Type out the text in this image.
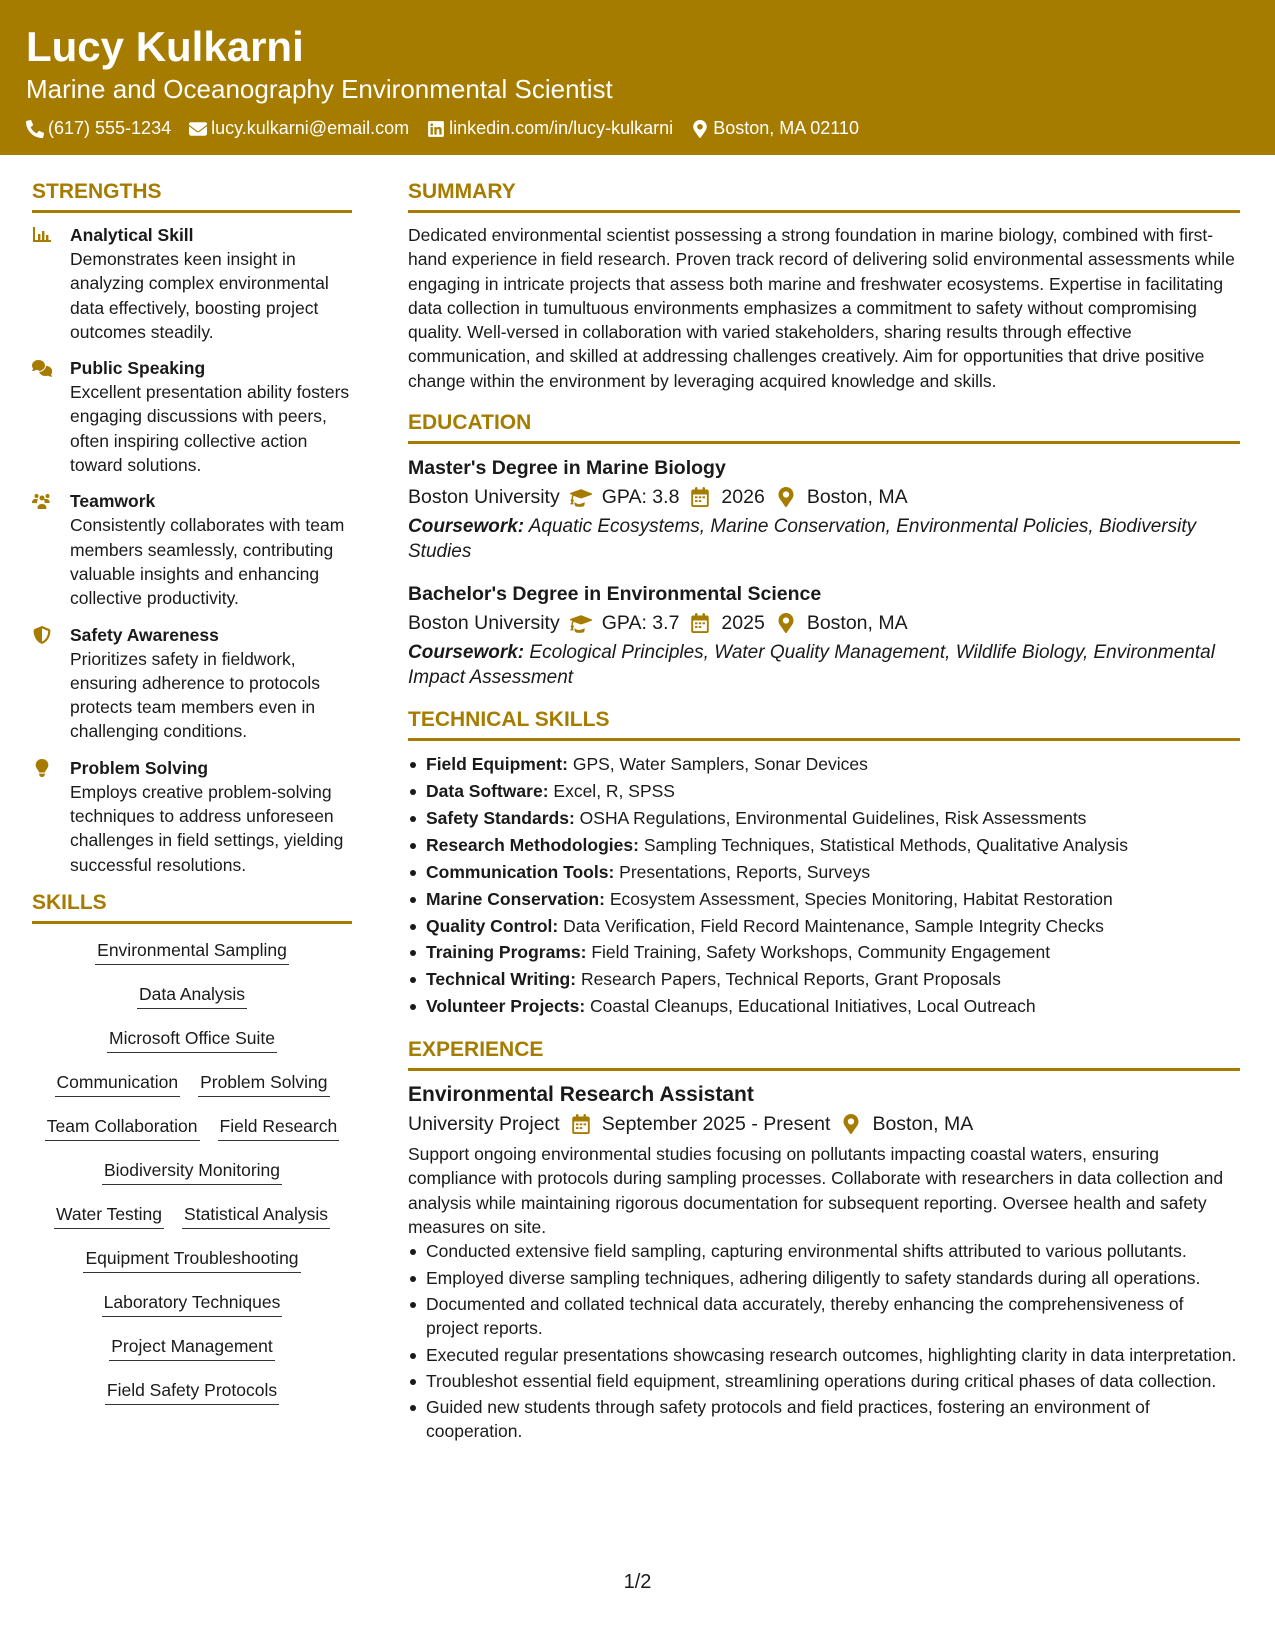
Lucy Kulkarni
Marine and Oceanography Environmental Scientist
(617) 555-1234 lucy.kulkarni@email.com linkedin.com/in/lucy-kulkarni Boston, MA 02110
STRENGTHS
Analytical Skill
Demonstrates keen insight in analyzing complex environmental data effectively, boosting project outcomes steadily.
Public Speaking
Excellent presentation ability fosters engaging discussions with peers, often inspiring collective action toward solutions.
Teamwork
Consistently collaborates with team members seamlessly, contributing valuable insights and enhancing collective productivity.
Safety Awareness
Prioritizes safety in fieldwork, ensuring adherence to protocols protects team members even in challenging conditions.
Problem Solving
Employs creative problem-solving techniques to address unforeseen challenges in field settings, yielding successful resolutions.
SKILLS
Environmental Sampling
Data Analysis
Microsoft Office Suite
Communication Problem Solving
Team Collaboration Field Research
Biodiversity Monitoring
Water Testing Statistical Analysis
Equipment Troubleshooting
Laboratory Techniques
Project Management
Field Safety Protocols
SUMMARY
Dedicated environmental scientist possessing a strong foundation in marine biology, combined with first-hand experience in field research. Proven track record of delivering solid environmental assessments while engaging in intricate projects that assess both marine and freshwater ecosystems. Expertise in facilitating data collection in tumultuous environments emphasizes a commitment to safety without compromising quality. Well-versed in collaboration with varied stakeholders, sharing results through effective communication, and skilled at addressing challenges creatively. Aim for opportunities that drive positive change within the environment by leveraging acquired knowledge and skills.
EDUCATION
Master's Degree in Marine Biology
Boston University GPA: 3.8 2026 Boston, MA
Coursework: Aquatic Ecosystems, Marine Conservation, Environmental Policies, Biodiversity Studies
Bachelor's Degree in Environmental Science
Boston University GPA: 3.7 2025 Boston, MA
Coursework: Ecological Principles, Water Quality Management, Wildlife Biology, Environmental Impact Assessment
TECHNICAL SKILLS
Field Equipment: GPS, Water Samplers, Sonar Devices
Data Software: Excel, R, SPSS
Safety Standards: OSHA Regulations, Environmental Guidelines, Risk Assessments
Research Methodologies: Sampling Techniques, Statistical Methods, Qualitative Analysis
Communication Tools: Presentations, Reports, Surveys
Marine Conservation: Ecosystem Assessment, Species Monitoring, Habitat Restoration
Quality Control: Data Verification, Field Record Maintenance, Sample Integrity Checks
Training Programs: Field Training, Safety Workshops, Community Engagement
Technical Writing: Research Papers, Technical Reports, Grant Proposals
Volunteer Projects: Coastal Cleanups, Educational Initiatives, Local Outreach
EXPERIENCE
Environmental Research Assistant
University Project September 2025 - Present Boston, MA
Support ongoing environmental studies focusing on pollutants impacting coastal waters, ensuring compliance with protocols during sampling processes. Collaborate with researchers in data collection and analysis while maintaining rigorous documentation for subsequent reporting. Oversee health and safety measures on site.
Conducted extensive field sampling, capturing environmental shifts attributed to various pollutants.
Employed diverse sampling techniques, adhering diligently to safety standards during all operations.
Documented and collated technical data accurately, thereby enhancing the comprehensiveness of project reports.
Executed regular presentations showcasing research outcomes, highlighting clarity in data interpretation.
Troubleshot essential field equipment, streamlining operations during critical phases of data collection.
Guided new students through safety protocols and field practices, fostering an environment of cooperation.
1/2
